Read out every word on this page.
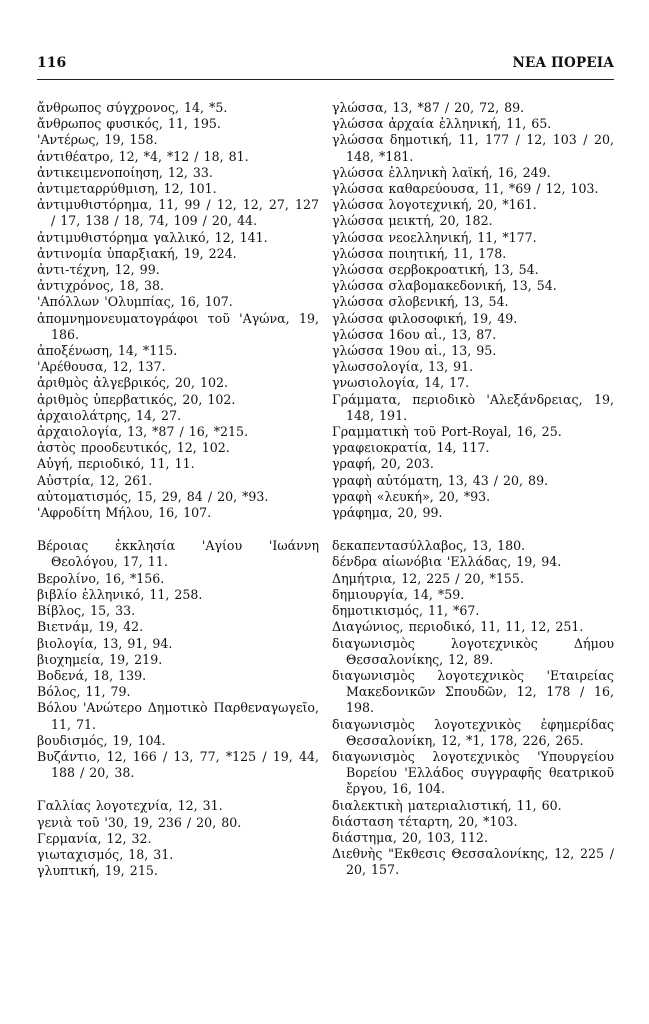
116	ΝΕΑ ΠΟΡΕΙΑ

ἄνθρωπος σύγχρονος, 14, *5.

ἄνθρωπος φυσικός, 11, 195.

'Αντέρως, 19, 158.

ἀντιθέατρο, 12, *4, *12 / 18, 81.

ἀντικειμενοποίηση, 12, 33.

ἀντιμεταρρύθμιση, 12, 101.

ἀντιμυθιστόρημα, 11, 99 / 12, 12, 27, 127 / 17, 138 / 18, 74, 109 / 20, 44.

ἀντιμυθιστόρημα γαλλικό, 12, 141.

ἀντινομία ὑπαρξιακή, 19, 224.

ἀντι-τέχνη, 12, 99.

ἀντιχρόνος, 18, 38.

'Απόλλων 'Ολυμπίας, 16, 107.

ἀπομνημονευματογράφοι τοῦ 'Αγώνα, 19, 186.

ἀποξένωση, 14, *115.

'Αρέθουσα, 12, 137.

ἀριθμὸς ἀλγεβρικός, 20, 102.

ἀριθμὸς ὑπερβατικός, 20, 102.

ἀρχαιολάτρης, 14, 27.

ἀρχαιολογία, 13, *87 / 16, *215.

ἀστὸς προοδευτικός, 12, 102.

Αὐγή, περιοδικό, 11, 11.

Αὐστρία, 12, 261.

αὐτοματισμός, 15, 29, 84 / 20, *93.

'Αφροδίτη Μήλου, 16, 107.

Βέροιας ἐκκλησία 'Αγίου 'Ιωάννη Θεολόγου, 17, 11.

Βερολίνο, 16, *156.

βιβλίο ἑλληνικό, 11, 258.

Βίβλος, 15, 33.

Βιετνάμ, 19, 42.

βιολογία, 13, 91, 94.

βιοχημεία, 19, 219.

Βοδενά, 18, 139.

Βόλος, 11, 79.

Βόλου 'Ανώτερο Δημοτικὸ Παρθεναγωγεῖο, 11, 71.

βουδισμός, 19, 104.

Βυζάντιο, 12, 166 / 13, 77, *125 / 19, 44, 188 / 20, 38.

Γαλλίας λογοτεχνία, 12, 31.

γενιὰ τοῦ '30, 19, 236 / 20, 80.

Γερμανία, 12, 32.

γιωταχισμός, 18, 31.

γλυπτική, 19, 215.

γλώσσα, 13, *87 / 20, 72, 89.

γλώσσα ἀρχαία ἑλληνική, 11, 65.

γλώσσα δημοτική, 11, 177 / 12, 103 / 20, 148, *181.

γλώσσα ἑλληνικὴ λαϊκή, 16, 249.

γλώσσα καθαρεύουσα, 11, *69 / 12, 103.

γλώσσα λογοτεχνική, 20, *161.

γλώσσα μεικτή, 20, 182.

γλώσσα νεοελληνική, 11, *177.

γλώσσα ποιητική, 11, 178.

γλώσσα σερβοκροατική, 13, 54.

γλώσσα σλαβομακεδονική, 13, 54.

γλώσσα σλοβενική, 13, 54.

γλώσσα φιλοσοφική, 19, 49.

γλώσσα 16ου αἰ., 13, 87.

γλώσσα 19ου αἰ., 13, 95.

γλωσσολογία, 13, 91.

γνωσιολογία, 14, 17.

Γράμματα, περιοδικὸ 'Αλεξάνδρειας, 19, 148, 191.

Γραμματικὴ τοῦ Port-Royal, 16, 25.

γραφειοκρατία, 14, 117.

γραφή, 20, 203.

γραφὴ αὐτόματη, 13, 43 / 20, 89.

γραφὴ «λευκή», 20, *93.

γράφημα, 20, 99.

δεκαπεντασύλλαβος, 13, 180.

δένδρα αἰωνόβια 'Ελλάδας, 19, 94.

Δημήτρια, 12, 225 / 20, *155.

δημιουργία, 14, *59.

δημοτικισμός, 11, *67.

Διαγώνιος, περιοδικό, 11, 11, 12, 251.

διαγωνισμὸς λογοτεχνικὸς Δήμου Θεσσαλονίκης, 12, 89.

διαγωνισμὸς λογοτεχνικὸς 'Εταιρείας Μακεδονικῶν Σπουδῶν, 12, 178 / 16, 198.

διαγωνισμὸς λογοτεχνικὸς ἐφημερίδας Θεσσαλονίκη, 12, *1, 178, 226, 265.

διαγωνισμὸς λογοτεχνικὸς 'Υπουργείου Βορείου 'Ελλάδος συγγραφῆς θεατρικοῦ ἔργου, 16, 104.

διαλεκτικὴ ματεριαλιστική, 11, 60.

διάσταση τέταρτη, 20, *103.

διάστημα, 20, 103, 112.

Διεθνὴς "Εκθεσις Θεσσαλονίκης, 12, 225 / 20, 157.
